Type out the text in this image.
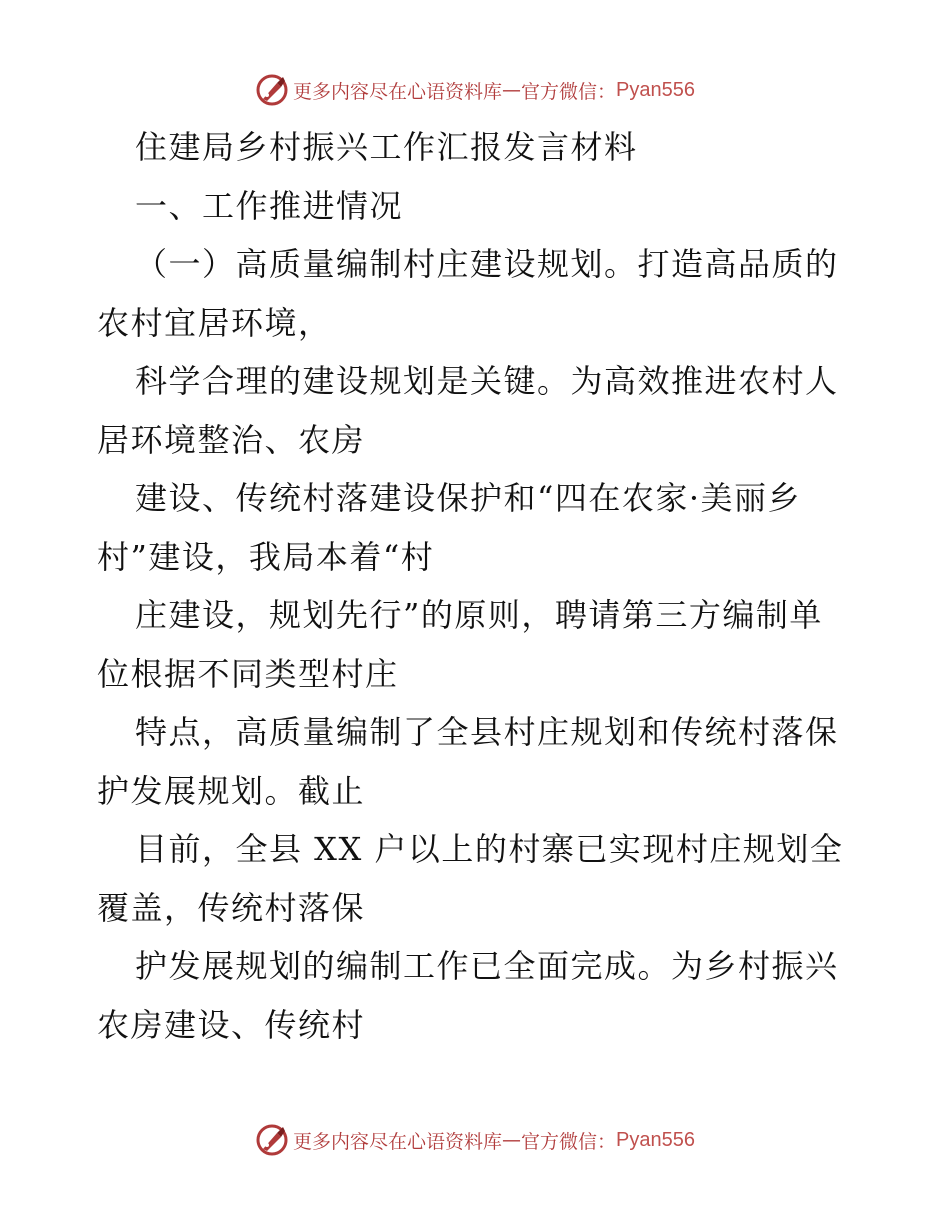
更多内容尽在心语资料库 — 官方微信： Pyan556
住建局乡村振兴工作汇报发言材料
一、工作推进情况
（一）高质量编制村庄建设规划。打造高品质的
农村宜居环境，
科学合理的建设规划是关键。为高效推进农村人
居环境整治、农房
建设、传统村落建设保护和“四在农家·美丽乡
村”建设，我局本着“村
庄建设，规划先行”的原则，聘请第三方编制单
位根据不同类型村庄
特点，高质量编制了全县村庄规划和传统村落保
护发展规划。截止
目前，全县 XX 户以上的村寨已实现村庄规划全
覆盖，传统村落保
护发展规划的编制工作已全面完成。为乡村振兴
农房建设、传统村
更多内容尽在心语资料库 — 官方微信： Pyan556
